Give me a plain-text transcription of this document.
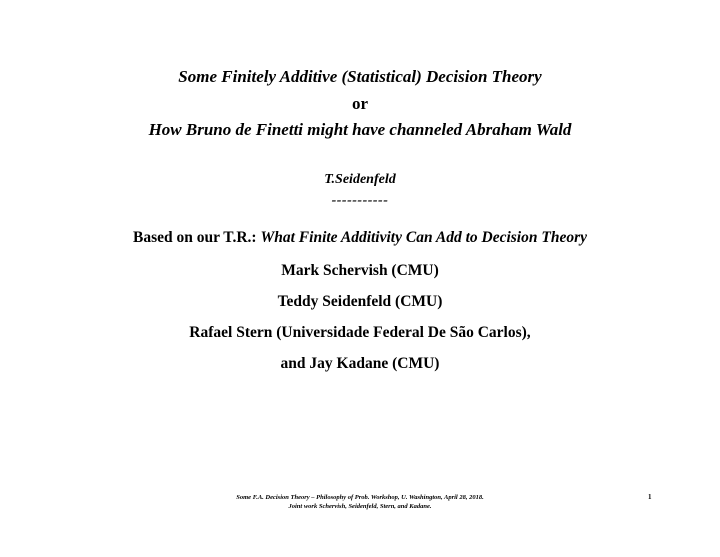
Some Finitely Additive (Statistical) Decision Theory
or
How Bruno de Finetti might have channeled Abraham Wald
T.Seidenfeld
-----------
Based on our T.R.: What Finite Additivity Can Add to Decision Theory
Mark Schervish (CMU)
Teddy Seidenfeld (CMU)
Rafael Stern (Universidade Federal De São Carlos),
and Jay Kadane (CMU)
Some F.A. Decision Theory – Philosophy of Prob. Workshop, U. Washington, April 28, 2018.
Joint work Schervish, Seidenfeld, Stern, and Kadane.
1
